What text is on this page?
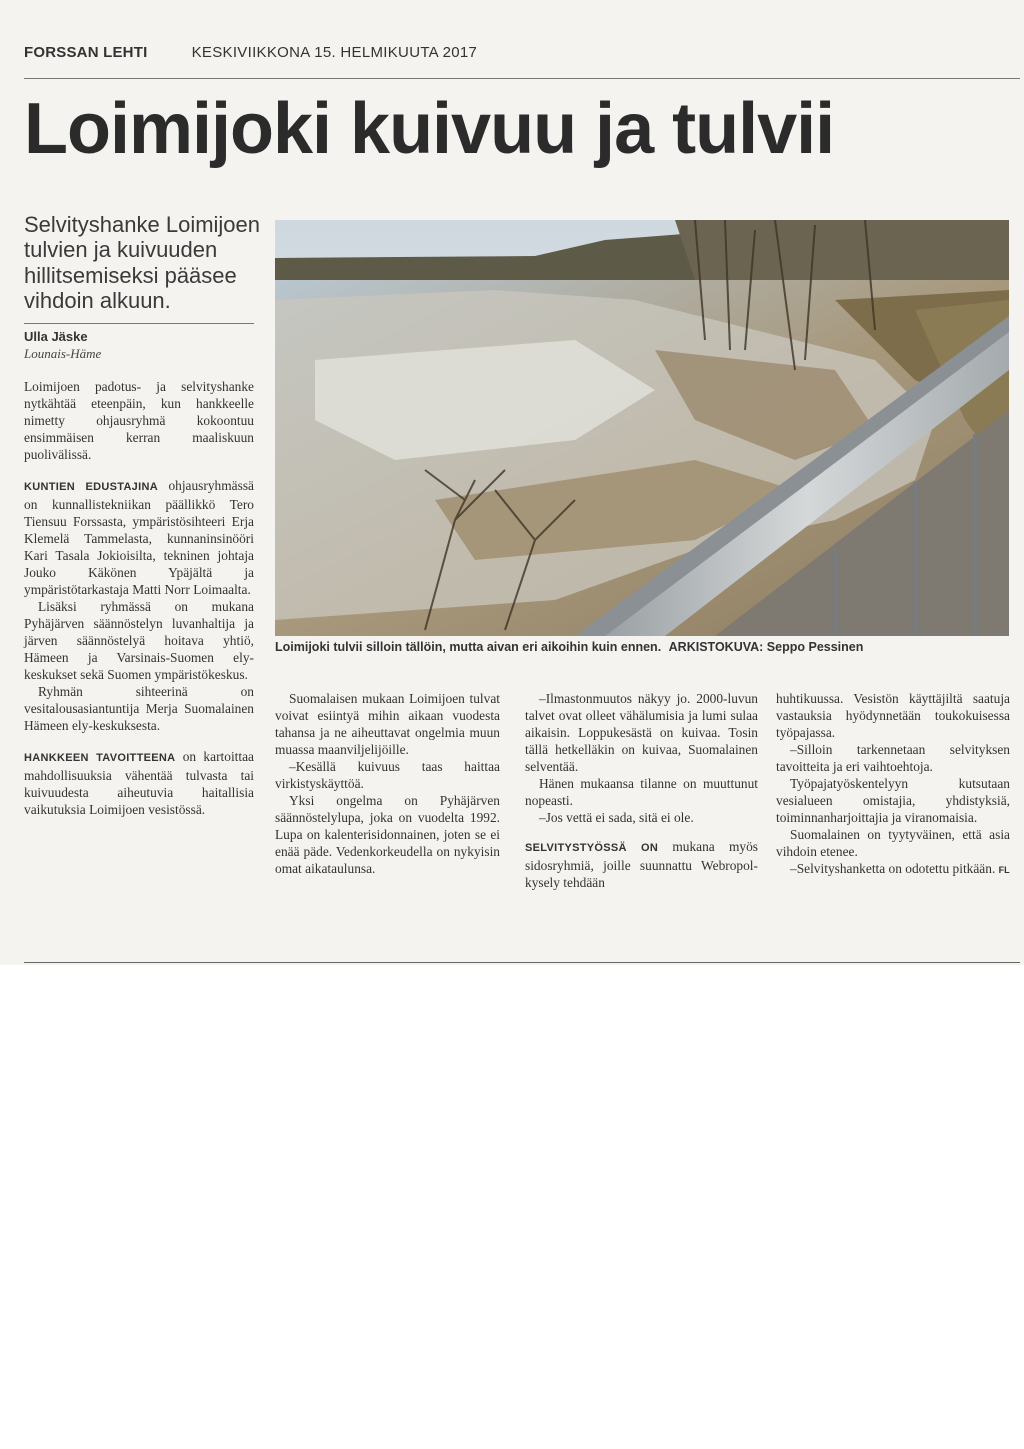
FORSSAN LEHTI	KESKIVIIKKONA 15. HELMIKUUTA 2017
Loimijoki kuivuu ja tulvii
Selvityshanke Loimijoen tulvien ja kuivuuden hillitsemiseksi pääsee vihdoin alkuun.
Ulla Jäske
Lounais-Häme

Loimijoen padotus- ja selvityshanke nytkähtää eteenpäin, kun hankkeelle nimetty ohjausryhmä kokoontuu ensimmäisen kerran maaliskuun puolivälissä.

KUNTIEN EDUSTAJINA ohjausryhmässä on kunnallistekniikan päällikkö Tero Tiensuu Forssasta, ympäristösihteeri Erja Klemelä Tammelasta, kunnaninsinööri Kari Tasala Jokioisilta, tekninen johtaja Jouko Käkönen Ypäjältä ja ympäristötarkastaja Matti Norr Loimaalta.

Lisäksi ryhmässä on mukana Pyhäjärven säännöstelyn luvanhaltija ja järven säännöstelyä hoitava yhtiö, Hämeen ja Varsinais-Suomen ely-keskukset sekä Suomen ympäristökeskus.

Ryhmän sihteerinä on vesitalousasiantuntija Merja Suomalainen Hämeen ely-keskuksesta.

HANKKEEN TAVOITTEENA on kartoittaa mahdollisuuksia vähentää tulvasta tai kuivuudesta aiheutuvia haitallisia vaikutuksia Loimijoen vesistössä.

Loimijoki tulvii silloin tällöin, mutta aivan eri aikoihin kuin ennen. ARKISTOKUVA: Seppo Pessinen

Suomalaisen mukaan Loimijoen tulvat voivat esiintyä mihin aikaan vuodesta tahansa ja ne aiheuttavat ongelmia muun muassa maanviljelijöille.

–Kesällä kuivuus taas haittaa virkistyskäyttöä.

Yksi ongelma on Pyhäjärven säännöstelylupa, joka on vuodelta 1992. Lupa on kalenterisidonnainen, joten se ei enää päde. Vedenkorkeudella on nykyisin omat aikataulunsa.

–Ilmastonmuutos näkyy jo. 2000-luvun talvet ovat olleet vähälumisia ja lumi sulaa aikaisin. Loppukesästä on kuivaa. Tosin tällä hetkelläkin on kuivaa, Suomalainen selventää.

Hänen mukaansa tilanne on muuttunut nopeasti.

–Jos vettä ei sada, sitä ei ole.

SELVITYSTYÖSSÄ ON mukana myös sidosryhmiä, joille suunnattu Webropol-kysely tehdään

huhtikuussa. Vesistön käyttäjiltä saatuja vastauksia hyödynnetään toukokuisessa työpajassa.

–Silloin tarkennetaan selvityksen tavoitteita ja eri vaihtoehtoja.

Työpajatyöskentelyyn kutsutaan vesialueen omistajia, yhdistyksiä, toiminnanharjoittajia ja viranomaisia.

Suomalainen on tyytyväinen, että asia vihdoin etenee.

–Selvityshanketta on odotettu pitkään. FL
